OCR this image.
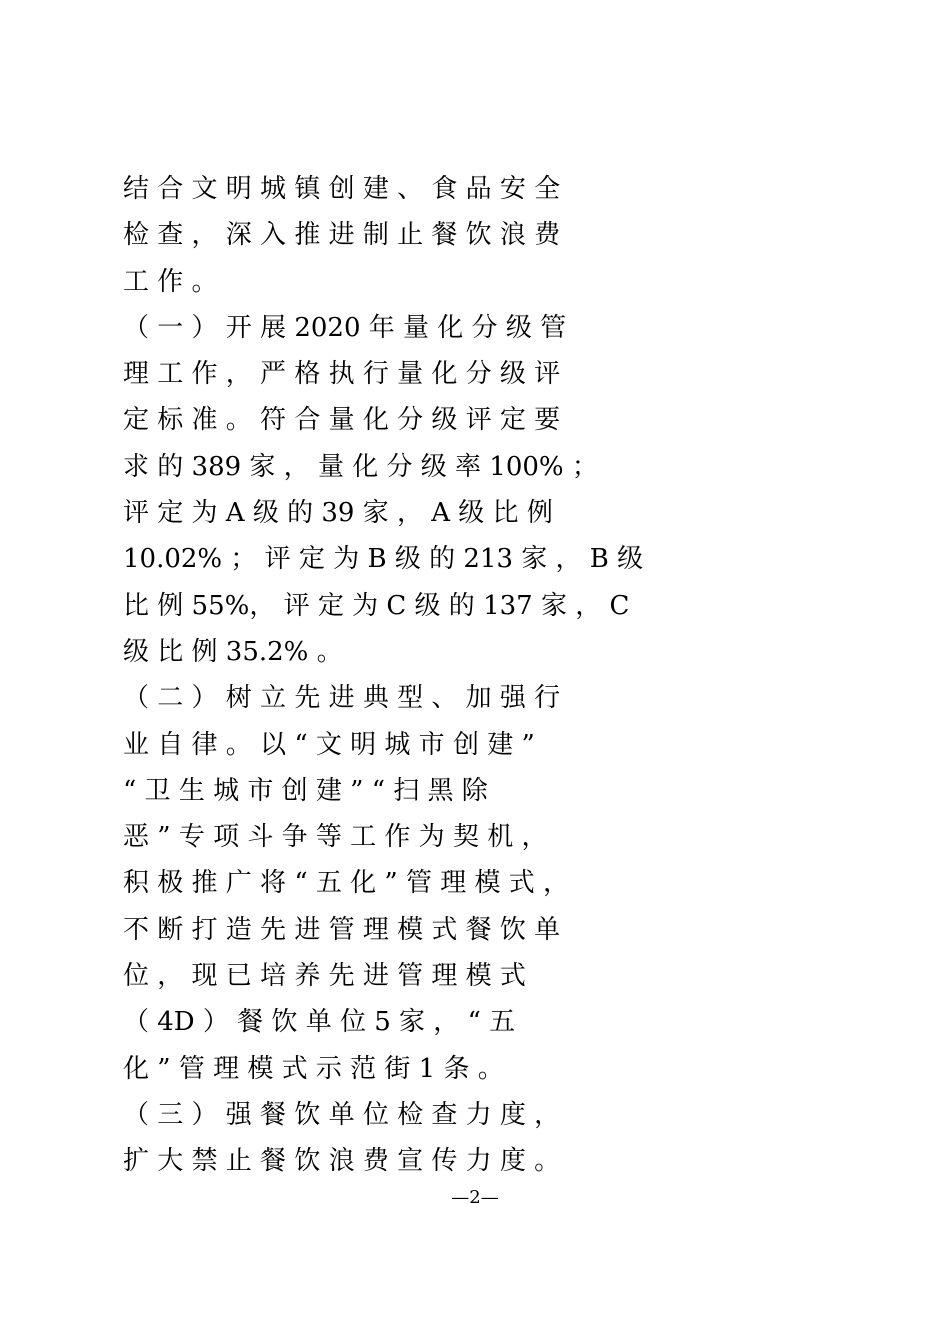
结 合 文 明 城 镇 创 建 、 食 品 安 全
检 查 ， 深 入 推 进 制 止 餐 饮 浪 费
工 作 。
（ 一 ） 开 展 2020 年 量 化 分 级 管
理 工 作 ， 严 格 执 行 量 化 分 级 评
定 标 准 。 符 合 量 化 分 级 评 定 要
求 的 389 家 ， 量 化 分 级 率 100% ；
评 定 为 A 级 的 39 家 ， A 级 比 例
10.02% ； 评 定 为 B 级 的 213 家 ， B 级
比 例 55%， 评 定 为 C 级 的 137 家 ， C
级 比 例 35.2% 。
（ 二 ） 树 立 先 进 典 型 、 加 强 行
业 自 律 。 以 “ 文 明 城 市 创 建 ”
“ 卫 生 城 市 创 建 ” “ 扫 黑 除
恶 ” 专 项 斗 争 等 工 作 为 契 机 ，
积 极 推 广 将 “ 五 化 ” 管 理 模 式 ，
不 断 打 造 先 进 管 理 模 式 餐 饮 单
位 ， 现 已 培 养 先 进 管 理 模 式
（ 4D ） 餐 饮 单 位 5 家 ， “ 五
化 ” 管 理 模 式 示 范 街 1 条 。
（ 三 ） 强 餐 饮 单 位 检 查 力 度 ，
扩 大 禁 止 餐 饮 浪 费 宣 传 力 度 。
—2—
